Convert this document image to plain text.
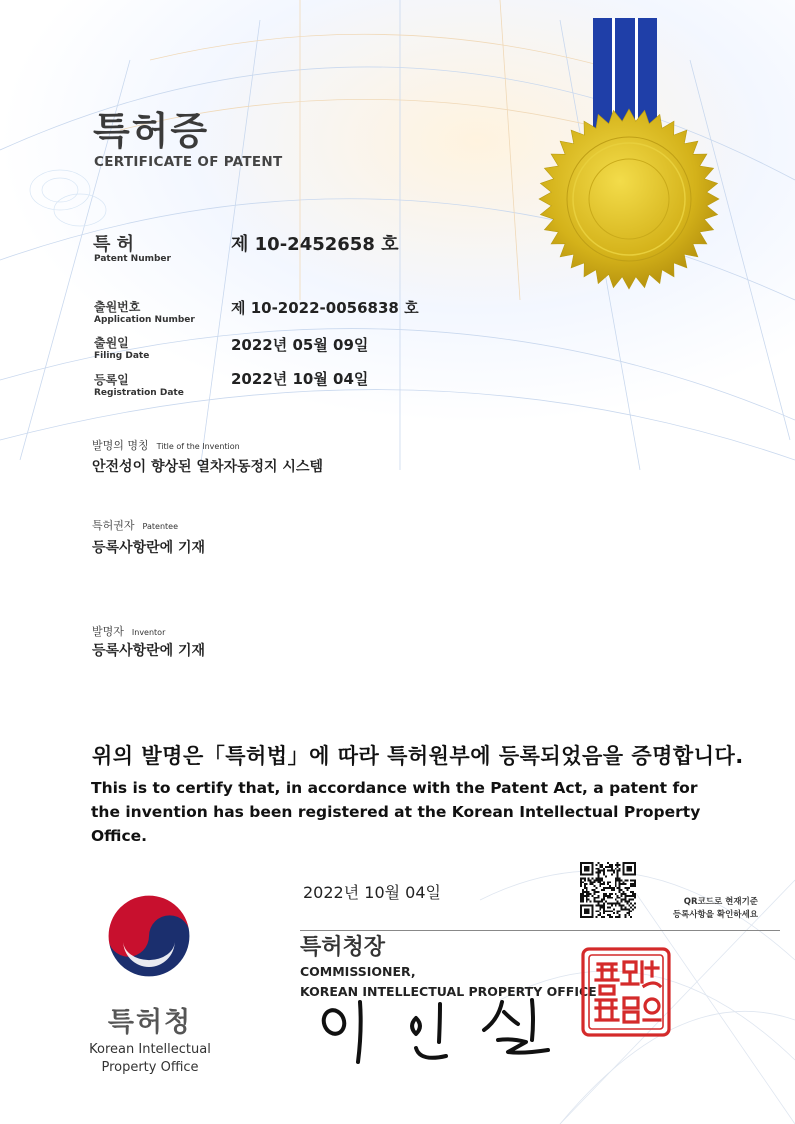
특허증
CERTIFICATE OF PATENT
특 허
Patent Number
제 10-2452658 호
출원번호
Application Number
제 10-2022-0056838 호
출원일
Filing Date
2022년 05월 09일
등록일
Registration Date
2022년 10월 04일
발명의 명칭 Title of the Invention
안전성이 향상된 열차자동정지 시스템
특허권자 Patentee
등록사항란에 기재
발명자 Inventor
등록사항란에 기재
위의 발명은「특허법」에 따라 특허원부에 등록되었음을 증명합니다.
This is to certify that, in accordance with the Patent Act, a patent for the invention has been registered at the Korean Intellectual Property Office.
특허청
Korean Intellectual
Property Office
2022년 10월 04일	QR코드로 현재기준
등록사항을 확인하세요
특허청장
COMMISSIONER,
KOREAN INTELLECTUAL PROPERTY OFFICE
